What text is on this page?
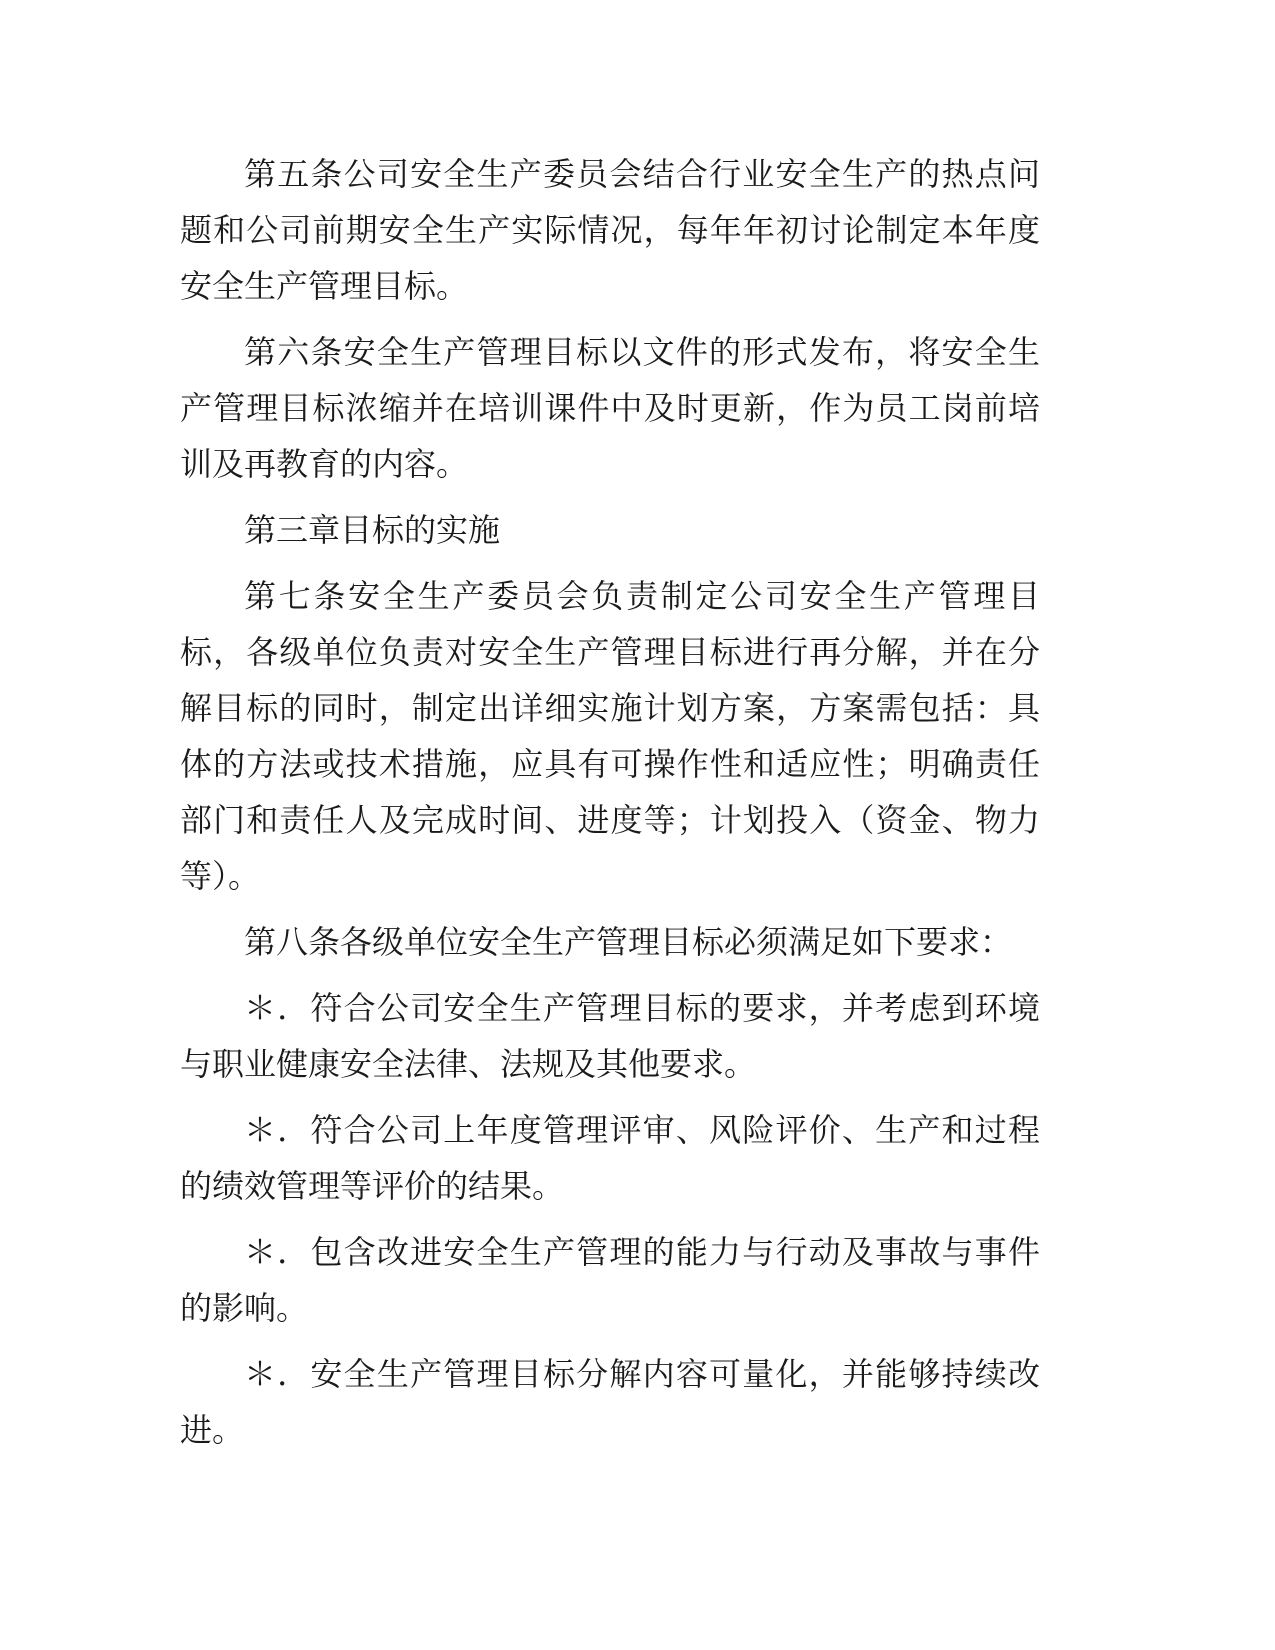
第五条公司安全生产委员会结合行业安全生产的热点问题和公司前期安全生产实际情况，每年年初讨论制定本年度安全生产管理目标。

第六条安全生产管理目标以文件的形式发布，将安全生产管理目标浓缩并在培训课件中及时更新，作为员工岗前培训及再教育的内容。

第三章目标的实施

第七条安全生产委员会负责制定公司安全生产管理目标，各级单位负责对安全生产管理目标进行再分解，并在分解目标的同时，制定出详细实施计划方案，方案需包括：具体的方法或技术措施，应具有可操作性和适应性；明确责任部门和责任人及完成时间、进度等；计划投入（资金、物力等）。

第八条各级单位安全生产管理目标必须满足如下要求：

＊．符合公司安全生产管理目标的要求，并考虑到环境与职业健康安全法律、法规及其他要求。

＊．符合公司上年度管理评审、风险评价、生产和过程的绩效管理等评价的结果。

＊．包含改进安全生产管理的能力与行动及事故与事件的影响。

＊．安全生产管理目标分解内容可量化，并能够持续改进。
